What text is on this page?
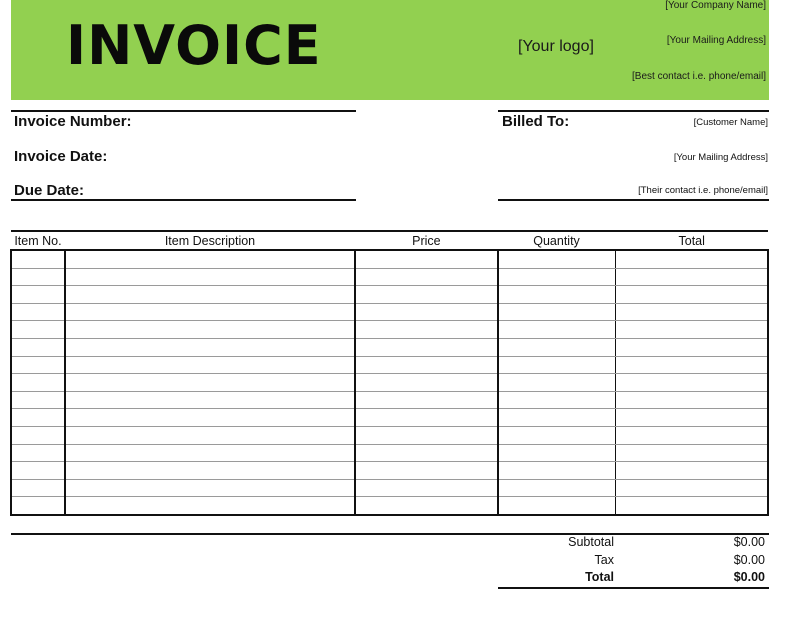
INVOICE	[Your logo]
[Your Company Name]
[Your Mailing Address]
[Best contact i.e. phone/email]
Invoice Number:
Invoice Date:
Due Date:
Billed To:	[Customer Name]
[Your Mailing Address]
[Their contact i.e. phone/email]
Item No.	Item Description	Price	Quantity	Total

Subtotal	$0.00
Tax	$0.00
Total	$0.00
